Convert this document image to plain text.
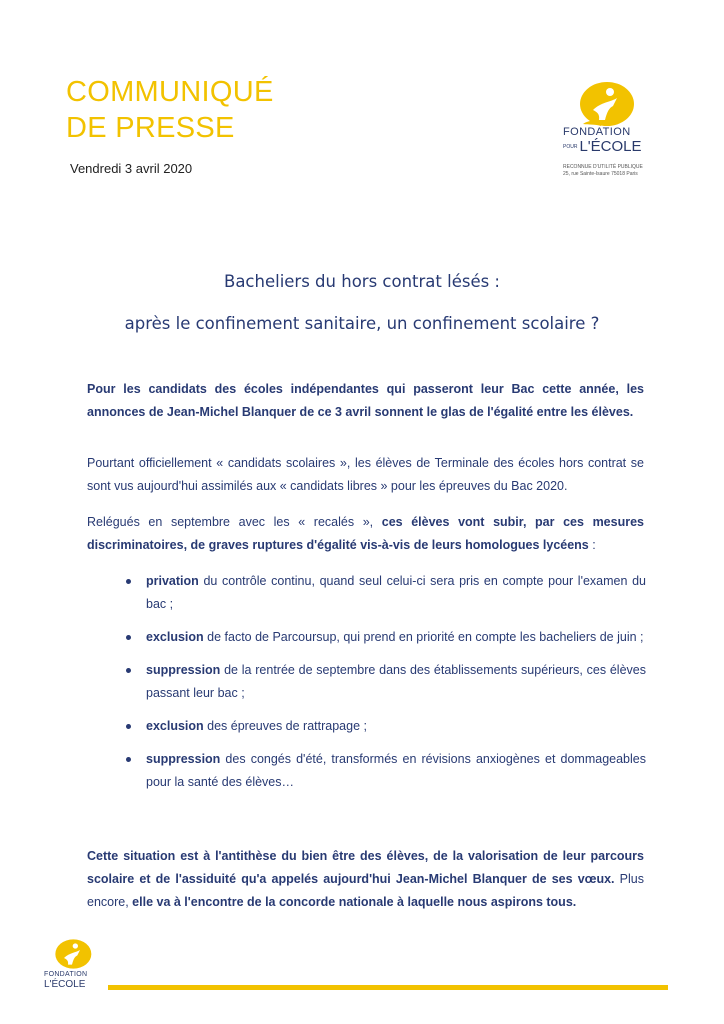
COMMUNIQUÉ
DE PRESSE
Vendredi 3 avril 2020
FONDATION
POUR L'ÉCOLE
RECONNUE D'UTILITÉ PUBLIQUE
25, rue Sainte-Isaure 75018 Paris
Bacheliers du hors contrat lésés :
après le confinement sanitaire, un confinement scolaire ?

Pour les candidats des écoles indépendantes qui passeront leur Bac cette année, les annonces de Jean-Michel Blanquer de ce 3 avril sonnent le glas de l'égalité entre les élèves.

Pourtant officiellement « candidats scolaires », les élèves de Terminale des écoles hors contrat se sont vus aujourd'hui assimilés aux « candidats libres » pour les épreuves du Bac 2020.

Relégués en septembre avec les « recalés », ces élèves vont subir, par ces mesures discriminatoires, de graves ruptures d'égalité vis-à-vis de leurs homologues lycéens :

privation du contrôle continu, quand seul celui-ci sera pris en compte pour l'examen du bac ;
exclusion de facto de Parcoursup, qui prend en priorité en compte les bacheliers de juin ;
suppression de la rentrée de septembre dans des établissements supérieurs, ces élèves passant leur bac ;
exclusion des épreuves de rattrapage ;
suppression des congés d'été, transformés en révisions anxiogènes et dommageables pour la santé des élèves…

Cette situation est à l'antithèse du bien être des élèves, de la valorisation de leur parcours scolaire et de l'assiduité qu'a appelés aujourd'hui Jean-Michel Blanquer de ses vœux. Plus encore, elle va à l'encontre de la concorde nationale à laquelle nous aspirons tous.

FONDATION
L'ÉCOLE
